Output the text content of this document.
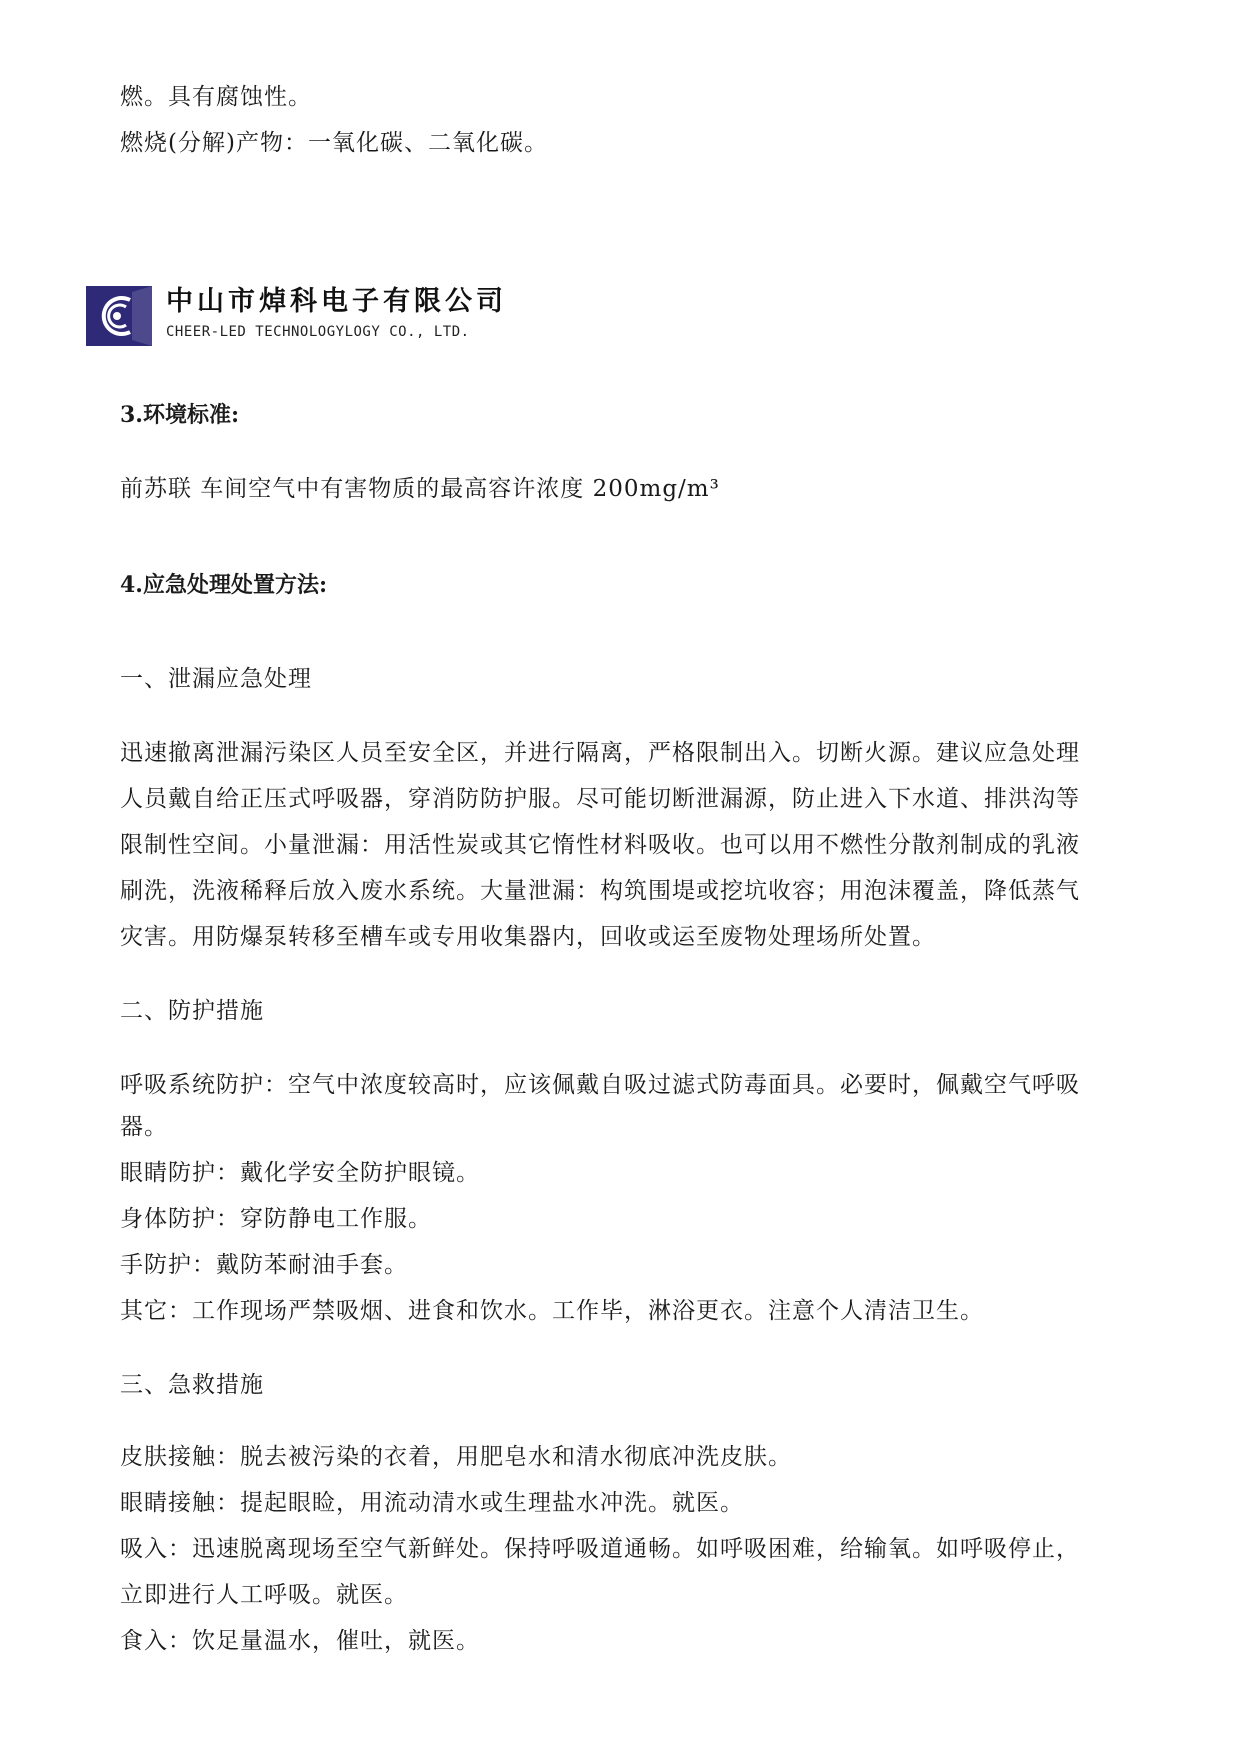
燃。具有腐蚀性。
燃烧(分解)产物：一氧化碳、二氧化碳。
中山市焯科电子有限公司
CHEER-LED TECHNOLOGYLOGY CO., LTD.
3.环境标准:
前苏联 车间空气中有害物质的最高容许浓度 200mg/m³
4.应急处理处置方法:
一、泄漏应急处理
迅速撤离泄漏污染区人员至安全区，并进行隔离，严格限制出入。切断火源。建议应急处理
人员戴自给正压式呼吸器，穿消防防护服。尽可能切断泄漏源，防止进入下水道、排洪沟等
限制性空间。小量泄漏：用活性炭或其它惰性材料吸收。也可以用不燃性分散剂制成的乳液
刷洗，洗液稀释后放入废水系统。大量泄漏：构筑围堤或挖坑收容；用泡沫覆盖，降低蒸气
灾害。用防爆泵转移至槽车或专用收集器内，回收或运至废物处理场所处置。
二、防护措施
呼吸系统防护：空气中浓度较高时，应该佩戴自吸过滤式防毒面具。必要时，佩戴空气呼吸
器。
眼睛防护：戴化学安全防护眼镜。
身体防护：穿防静电工作服。
手防护：戴防苯耐油手套。
其它：工作现场严禁吸烟、进食和饮水。工作毕，淋浴更衣。注意个人清洁卫生。
三、急救措施
皮肤接触：脱去被污染的衣着，用肥皂水和清水彻底冲洗皮肤。
眼睛接触：提起眼睑，用流动清水或生理盐水冲洗。就医。
吸入：迅速脱离现场至空气新鲜处。保持呼吸道通畅。如呼吸困难，给输氧。如呼吸停止，
立即进行人工呼吸。就医。
食入：饮足量温水，催吐，就医。
